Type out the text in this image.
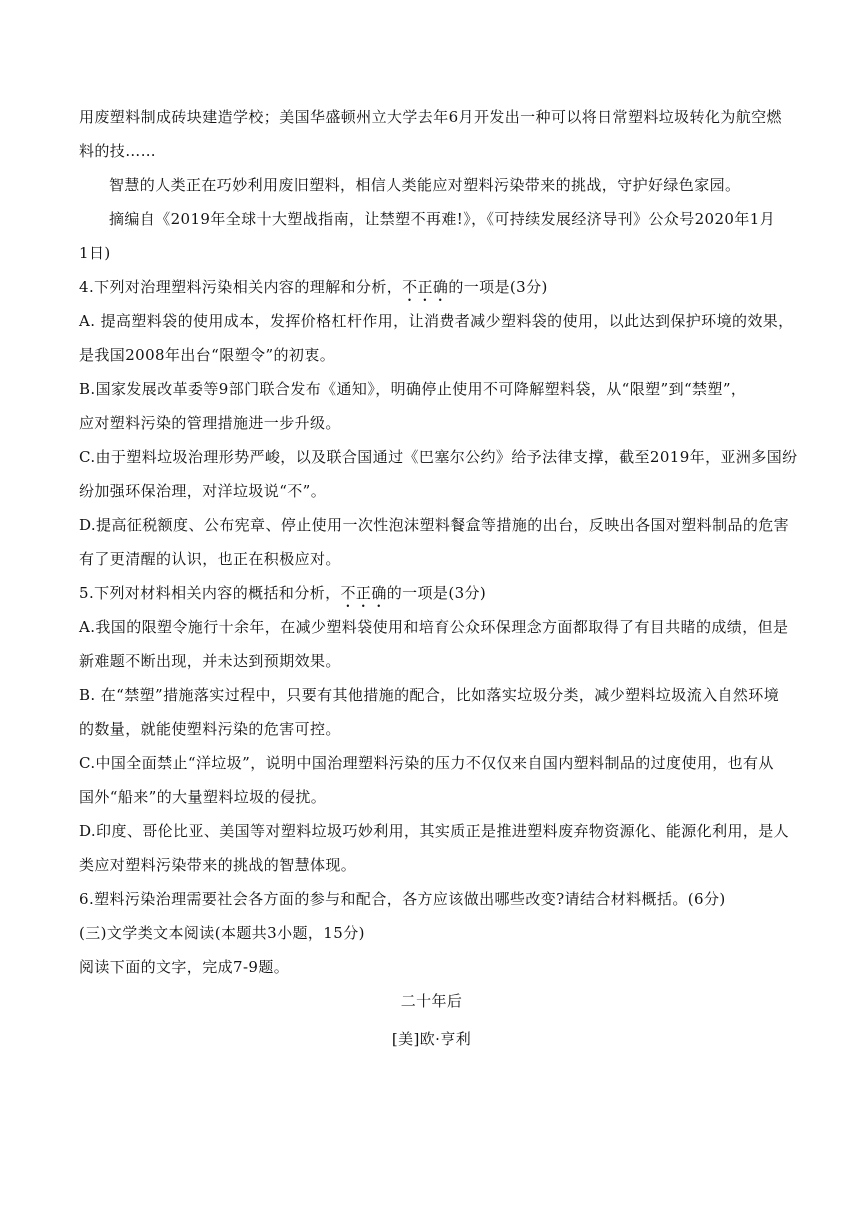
用废塑料制成砖块建造学校；美国华盛顿州立大学去年6月开发出一种可以将日常塑料垃圾转化为航空燃
料的技……
智慧的人类正在巧妙利用废旧塑料，相信人类能应对塑料污染带来的挑战，守护好绿色家园。
摘编自《2019年全球十大塑战指南，让禁塑不再难!》，《可持续发展经济导刊》公众号2020年1月
1日)
4.下列对治理塑料污染相关内容的理解和分析，不正确的一项是(3分)
A. 提高塑料袋的使用成本，发挥价格杠杆作用，让消费者减少塑料袋的使用，以此达到保护环境的效果，
是我国2008年出台“限塑令”的初衷。
B.国家发展改革委等9部门联合发布《通知》，明确停止使用不可降解塑料袋，从“限塑”到“禁塑”，
应对塑料污染的管理措施进一步升级。
C.由于塑料垃圾治理形势严峻，以及联合国通过《巴塞尔公约》给予法律支撑，截至2019年，亚洲多国纷
纷加强环保治理，对洋垃圾说“不”。
D.提高征税额度、公布宪章、停止使用一次性泡沫塑料餐盒等措施的出台，反映出各国对塑料制品的危害
有了更清醒的认识，也正在积极应对。
5.下列对材料相关内容的概括和分析，不正确的一项是(3分)
A.我国的限塑令施行十余年，在减少塑料袋使用和培育公众环保理念方面都取得了有目共睹的成绩，但是
新难题不断出现，并未达到预期效果。
B. 在“禁塑”措施落实过程中，只要有其他措施的配合，比如落实垃圾分类，减少塑料垃圾流入自然环境
的数量，就能使塑料污染的危害可控。
C.中国全面禁止“洋垃圾”，说明中国治理塑料污染的压力不仅仅来自国内塑料制品的过度使用，也有从
国外“船来”的大量塑料垃圾的侵扰。
D.印度、哥伦比亚、美国等对塑料垃圾巧妙利用，其实质正是推进塑料废弃物资源化、能源化利用，是人
类应对塑料污染带来的挑战的智慧体现。
6.塑料污染治理需要社会各方面的参与和配合，各方应该做出哪些改变?请结合材料概括。(6分)
(三)文学类文本阅读(本题共3小题，15分)
阅读下面的文字，完成7-9题。
二十年后
[美]欧·亨利
